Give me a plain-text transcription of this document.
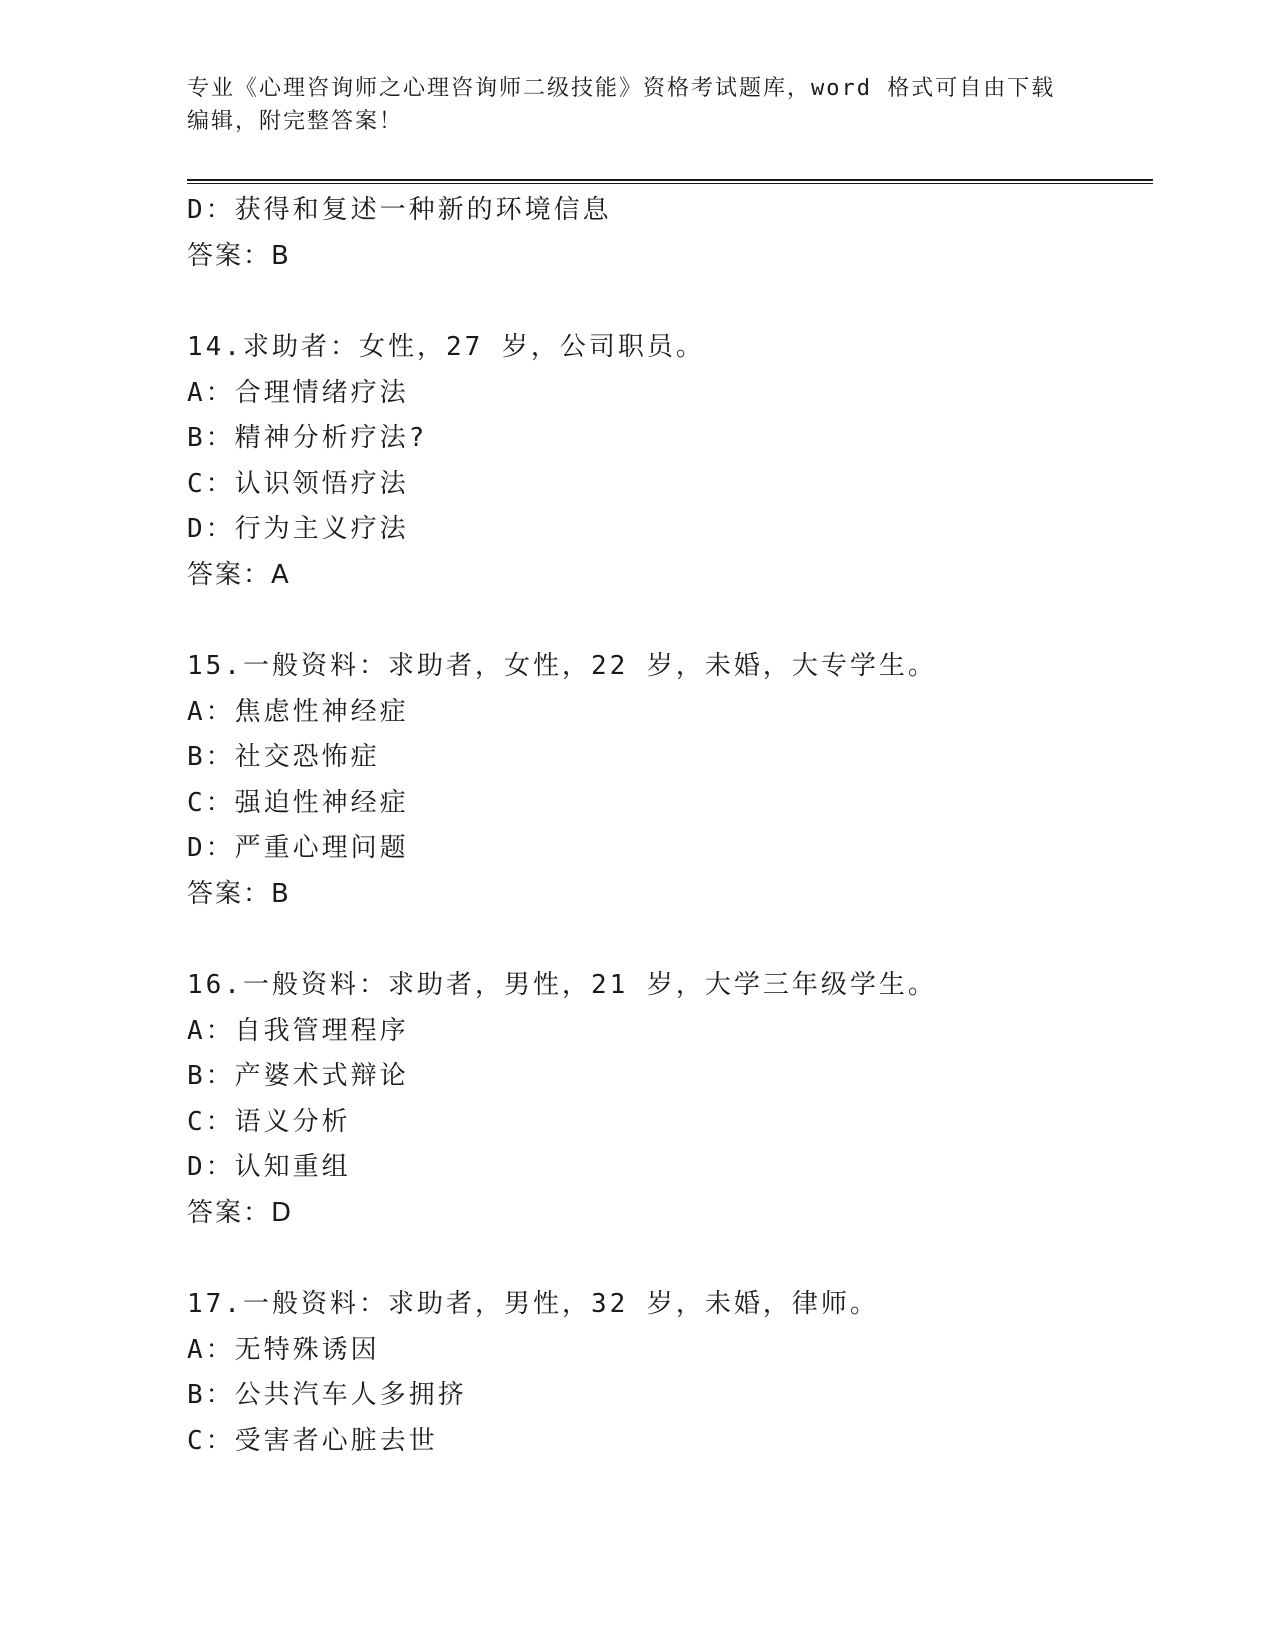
专业《心理咨询师之心理咨询师二级技能》资格考试题库，word 格式可自由下载
编辑，附完整答案！
D：获得和复述一种新的环境信息
答案：B
14.求助者：女性，27 岁，公司职员。
A：合理情绪疗法
B：精神分析疗法?
C：认识领悟疗法
D：行为主义疗法
答案：A
15.一般资料：求助者，女性，22 岁，未婚，大专学生。
A：焦虑性神经症
B：社交恐怖症
C：强迫性神经症
D：严重心理问题
答案：B
16.一般资料：求助者，男性，21 岁，大学三年级学生。
A：自我管理程序
B：产婆术式辩论
C：语义分析
D：认知重组
答案：D
17.一般资料：求助者，男性，32 岁，未婚，律师。
A：无特殊诱因
B：公共汽车人多拥挤
C：受害者心脏去世
